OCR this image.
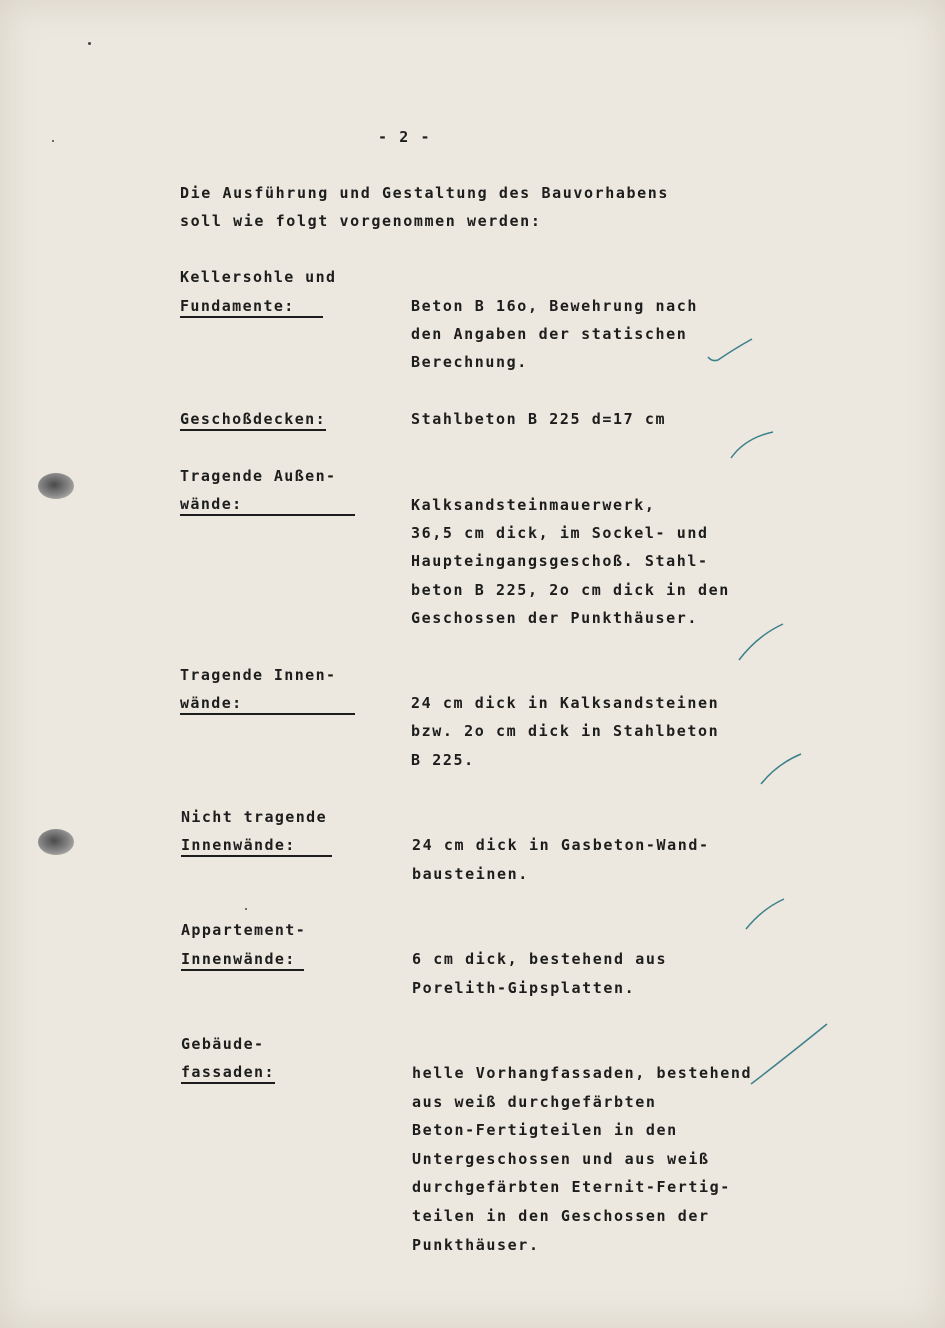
- 2 -
Die Ausführung und Gestaltung des Bauvorhabens
soll wie folgt vorgenommen werden:
Kellersohle und
Fundamente:	Beton B 16o, Bewehrung nach
den Angaben der statischen
Berechnung.
Geschoßdecken:	Stahlbeton B 225 d=17 cm
Tragende Außen-
wände:	Kalksandsteinmauerwerk,
36,5 cm dick, im Sockel- und
Haupteingangsgeschoß. Stahl-
beton B 225, 2o cm dick in den
Geschossen der Punkthäuser.
Tragende Innen-
wände:	24 cm dick in Kalksandsteinen
bzw. 2o cm dick in Stahlbeton
B 225.
Nicht tragende
Innenwände:	24 cm dick in Gasbeton-Wand-
bausteinen.
Appartement-
Innenwände:	6 cm dick, bestehend aus
Porelith-Gipsplatten.
Gebäude-
fassaden:	helle Vorhangfassaden, bestehend
aus weiß durchgefärbten
Beton-Fertigteilen in den
Untergeschossen und aus weiß
durchgefärbten Eternit-Fertig-
teilen in den Geschossen der
Punkthäuser.
